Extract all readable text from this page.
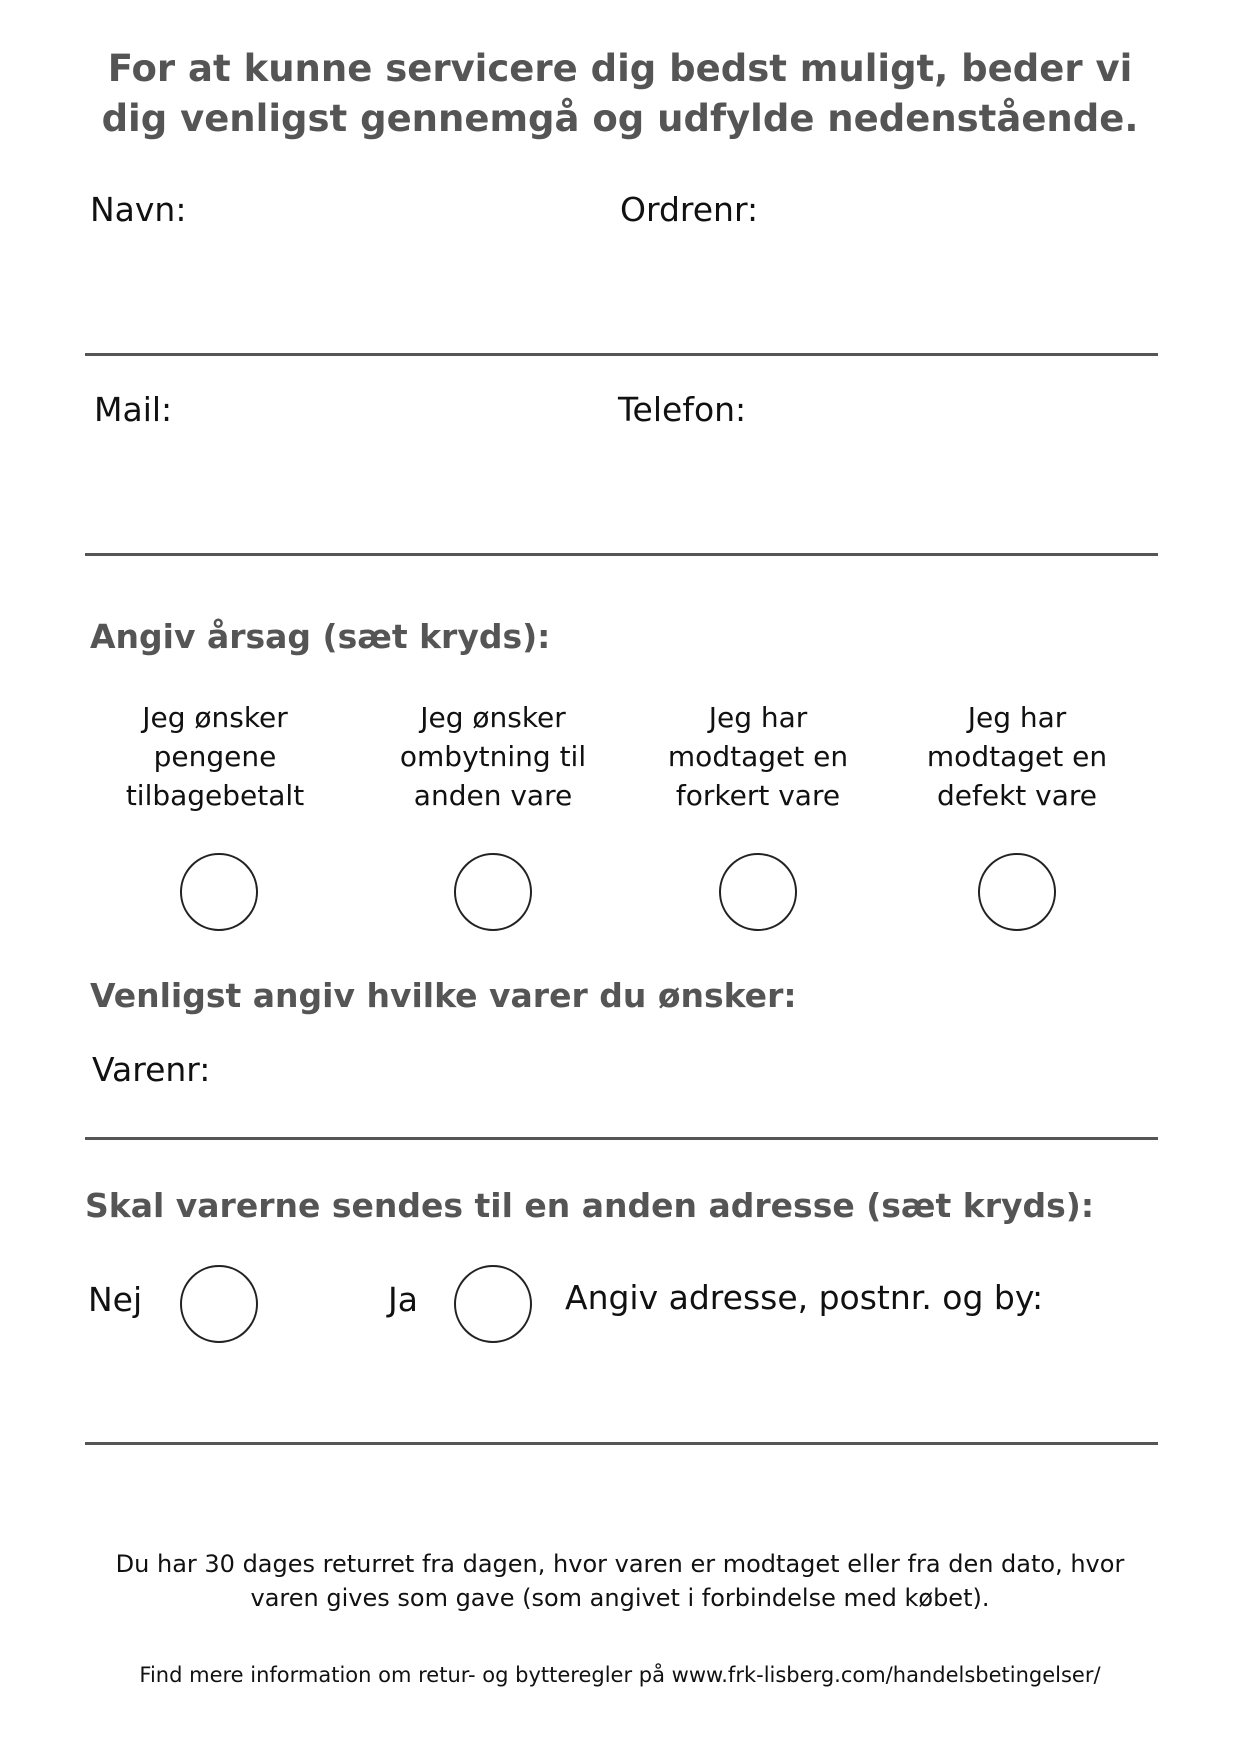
For at kunne servicere dig bedst muligt, beder vi dig venligst gennemgå og udfylde nedenstående.
Navn:	Ordrenr:
Mail:	Telefon:
Angiv årsag (sæt kryds):
Jeg ønsker pengene tilbagebetalt
Jeg ønsker ombytning til anden vare
Jeg har modtaget en forkert vare
Jeg har modtaget en defekt vare
Venligst angiv hvilke varer du ønsker:
Varenr:
Skal varerne sendes til en anden adresse (sæt kryds):
Nej	Ja	Angiv adresse, postnr. og by:
Du har 30 dages returret fra dagen, hvor varen er modtaget eller fra den dato, hvor varen gives som gave (som angivet i forbindelse med købet).
Find mere information om retur- og bytteregler på www.frk-lisberg.com/handelsbetingelser/
